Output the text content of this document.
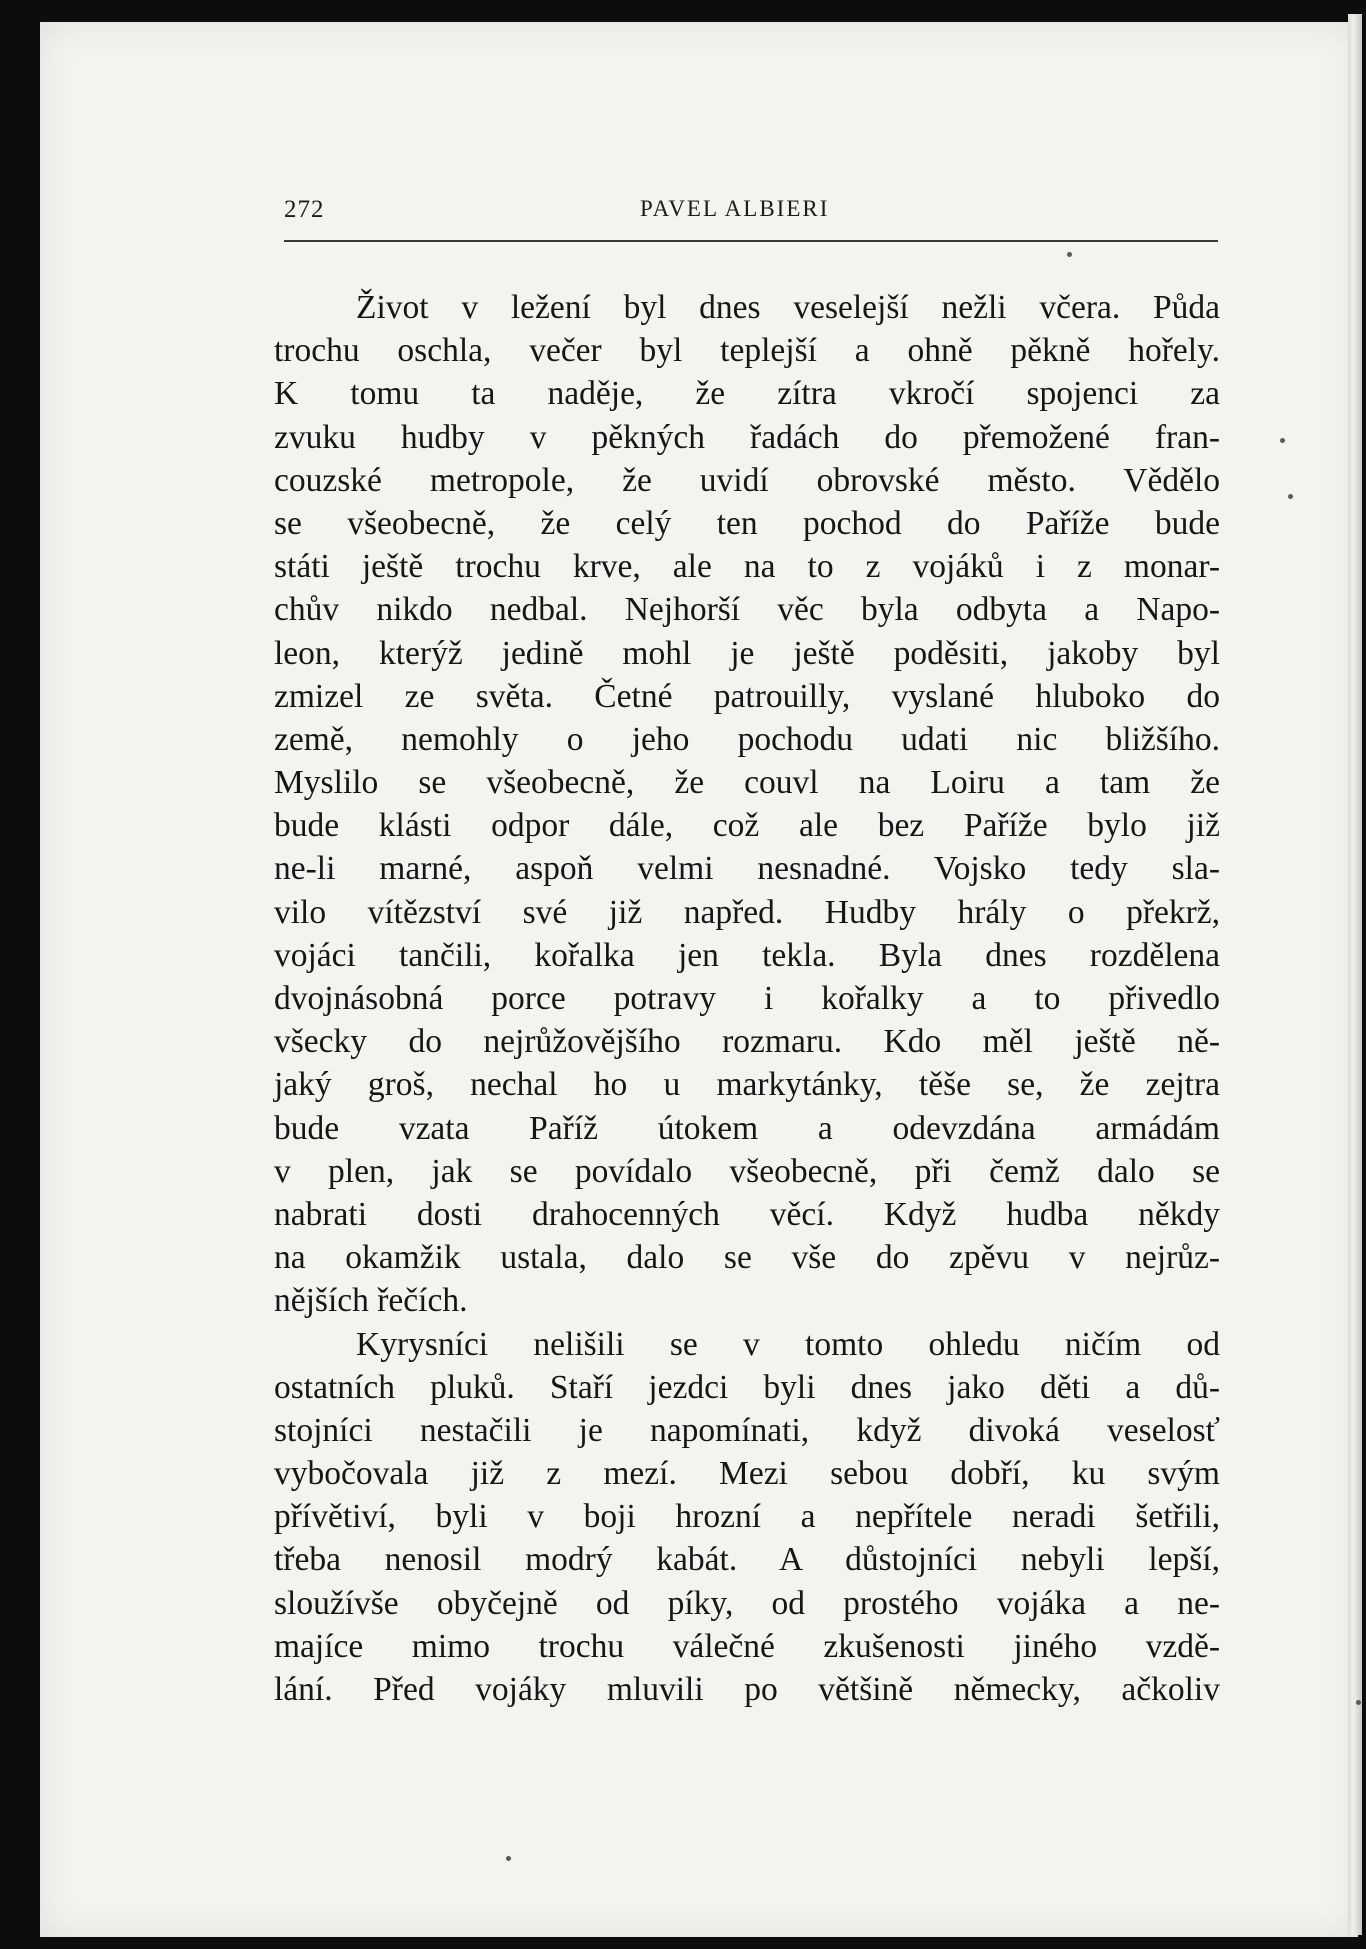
272	PAVEL ALBIERI
Život v ležení byl dnes veselejší nežli včera. Půda
trochu oschla, večer byl teplejší a ohně pěkně hořely.
K tomu ta naděje, že zítra vkročí spojenci za
zvuku hudby v pěkných řadách do přemožené fran-
couzské metropole, že uvidí obrovské město. Vědělo
se všeobecně, že celý ten pochod do Paříže bude
státi ještě trochu krve, ale na to z vojáků i z monar-
chův nikdo nedbal. Nejhorší věc byla odbyta a Napo-
leon, kterýž jedině mohl je ještě poděsiti, jakoby byl
zmizel ze světa. Četné patrouilly, vyslané hluboko do
země, nemohly o jeho pochodu udati nic bližšího.
Myslilo se všeobecně, že couvl na Loiru a tam že
bude klásti odpor dále, což ale bez Paříže bylo již
ne-li marné, aspoň velmi nesnadné. Vojsko tedy sla-
vilo vítězství své již napřed. Hudby hrály o překrž,
vojáci tančili, kořalka jen tekla. Byla dnes rozdělena
dvojnásobná porce potravy i kořalky a to přivedlo
všecky do nejrůžovějšího rozmaru. Kdo měl ještě ně-
jaký groš, nechal ho u markytánky, těše se, že zejtra
bude vzata Paříž útokem a odevzdána armádám
v plen, jak se povídalo všeobecně, při čemž dalo se
nabrati dosti drahocenných věcí. Když hudba někdy
na okamžik ustala, dalo se vše do zpěvu v nejrůz-
nějších řečích.
Kyrysníci nelišili se v tomto ohledu ničím od
ostatních pluků. Staří jezdci byli dnes jako děti a dů-
stojníci nestačili je napomínati, když divoká veselosť
vybočovala již z mezí. Mezi sebou dobří, ku svým
přívětiví, byli v boji hrozní a nepřítele neradi šetřili,
třeba nenosil modrý kabát. A důstojníci nebyli lepší,
sloužívše obyčejně od píky, od prostého vojáka a ne-
majíce mimo trochu válečné zkušenosti jiného vzdě-
lání. Před vojáky mluvili po většině německy, ačkoliv
